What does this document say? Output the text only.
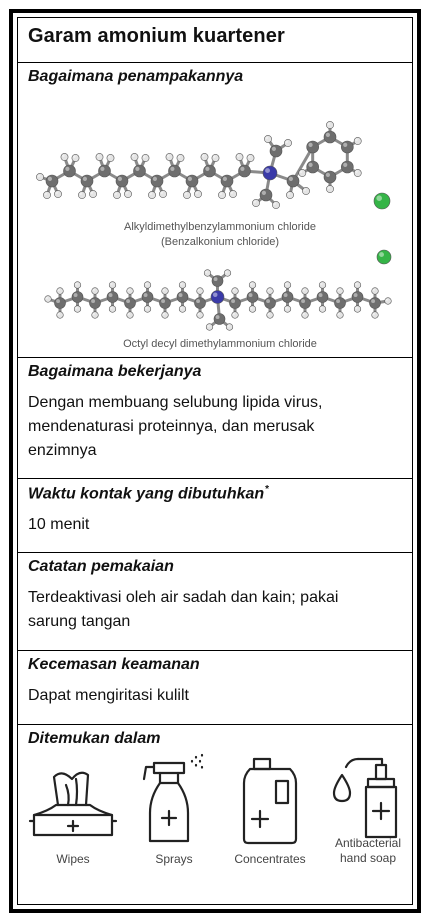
Garam amonium kuartener
Bagaimana penampakannya
Alkyldimethylbenzylammonium chloride
(Benzalkonium chloride)
Octyl decyl dimethylammonium chloride
Bagaimana bekerjanya
Dengan membuang selubung lipida virus,
mendenaturasi proteinnya, dan merusak
enzimnya
Waktu kontak yang dibutuhkan*
10 menit
Catatan pemakaian
Terdeaktivasi oleh air sadah dan kain; pakai
sarung tangan
Kecemasan keamanan
Dapat mengiritasi kulilt
Ditemukan dalam
Wipes	Sprays	Concentrates
Antibacterial
hand soap
